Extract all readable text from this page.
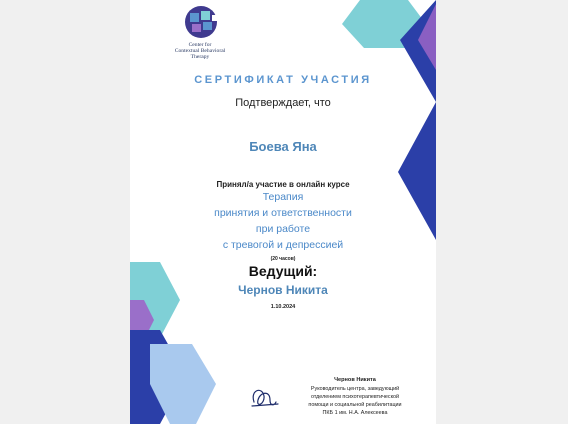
Center for
Contextual Behavioral
Therapy
СЕРТИФИКАТ УЧАСТИЯ
Подтверждает, что
Боева Яна
Принял/а участие в онлайн курсе
Терапия
принятия и ответственности
при работе
с тревогой и депрессией
(20 часов)
Ведущий:
Чернов Никита
1.10.2024
Чернов Никита
Руководитель центра, заведующий
отделением психотерапевтической
помощи и социальной реабилитации
ПКБ 1 им. Н.А. Алексеева
